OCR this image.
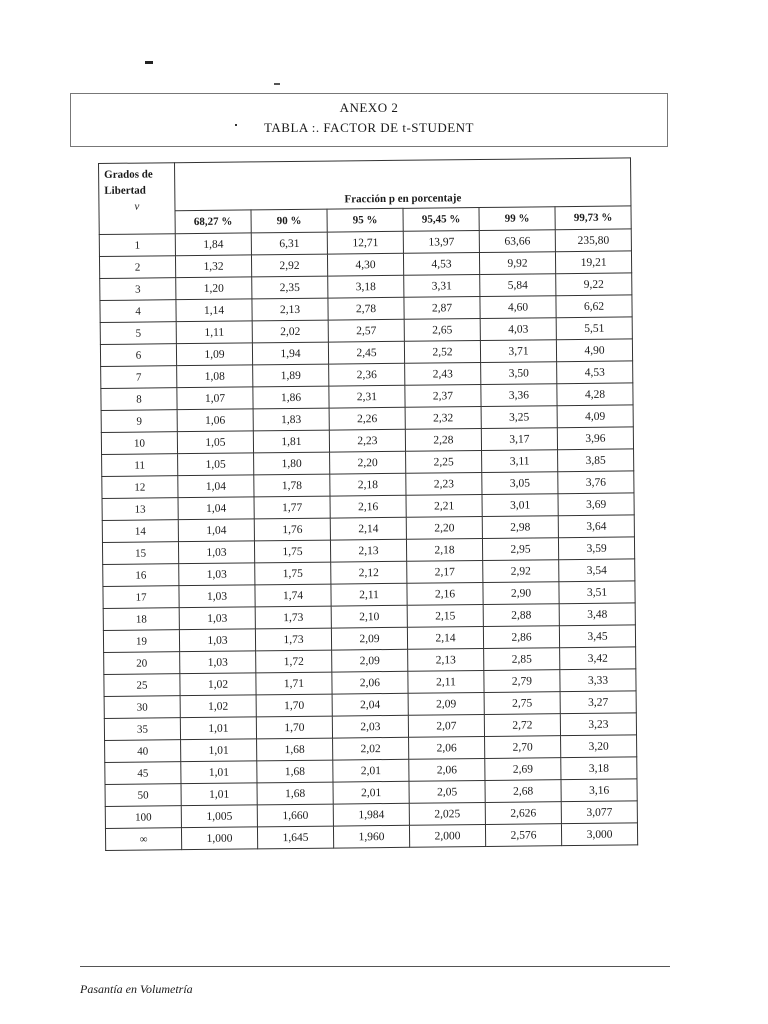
ANEXO 2
TABLA :. FACTOR DE t-STUDENT
Grados de
Libertad
v	Fracción p en porcentaje					
	68,27 %	90 %	95 %	95,45 %	99 %	99,73 %
1	1,84	6,31	12,71	13,97	63,66	235,80
2	1,32	2,92	4,30	4,53	9,92	19,21
3	1,20	2,35	3,18	3,31	5,84	9,22
4	1,14	2,13	2,78	2,87	4,60	6,62
5	1,11	2,02	2,57	2,65	4,03	5,51
6	1,09	1,94	2,45	2,52	3,71	4,90
7	1,08	1,89	2,36	2,43	3,50	4,53
8	1,07	1,86	2,31	2,37	3,36	4,28
9	1,06	1,83	2,26	2,32	3,25	4,09
10	1,05	1,81	2,23	2,28	3,17	3,96
11	1,05	1,80	2,20	2,25	3,11	3,85
12	1,04	1,78	2,18	2,23	3,05	3,76
13	1,04	1,77	2,16	2,21	3,01	3,69
14	1,04	1,76	2,14	2,20	2,98	3,64
15	1,03	1,75	2,13	2,18	2,95	3,59
16	1,03	1,75	2,12	2,17	2,92	3,54
17	1,03	1,74	2,11	2,16	2,90	3,51
18	1,03	1,73	2,10	2,15	2,88	3,48
19	1,03	1,73	2,09	2,14	2,86	3,45
20	1,03	1,72	2,09	2,13	2,85	3,42
25	1,02	1,71	2,06	2,11	2,79	3,33
30	1,02	1,70	2,04	2,09	2,75	3,27
35	1,01	1,70	2,03	2,07	2,72	3,23
40	1,01	1,68	2,02	2,06	2,70	3,20
45	1,01	1,68	2,01	2,06	2,69	3,18
50	1,01	1,68	2,01	2,05	2,68	3,16
100	1,005	1,660	1,984	2,025	2,626	3,077
∞	1,000	1,645	1,960	2,000	2,576	3,000
Pasantía en Volumetría
